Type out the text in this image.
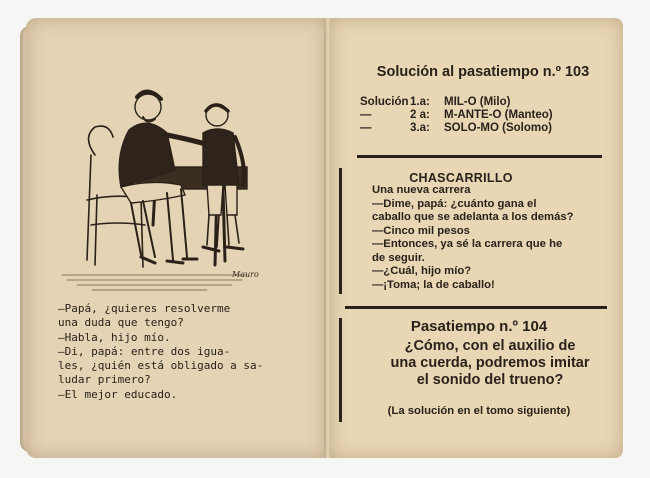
Mauro
—Papá, ¿quieres resolverme
una duda que tengo?
—Habla, hijo mío.
—Di, papá: entre dos igua-
les, ¿quién está obligado a sa-
ludar primero?
—El mejor educado.
Solución al pasatiempo n.º 103
Solución1.a: MIL-O (Milo)
—	2 a: M-ANTE-O (Manteo)
—	3.a: SOLO-MO (Solomo)
CHASCARRILLO
Una nueva carrera
—Dime, papá: ¿cuánto gana el
caballo que se adelanta a los demás?
—Cinco mil pesos
—Entonces, ya sé la carrera que he
de seguir.
—¿Cuál, hijo mío?
—¡Toma; la de caballo!
Pasatiempo n.º 104
¿Cómo, con el auxilio de
una cuerda, podremos imitar
el sonido del trueno?
(La solución en el tomo siguiente)
